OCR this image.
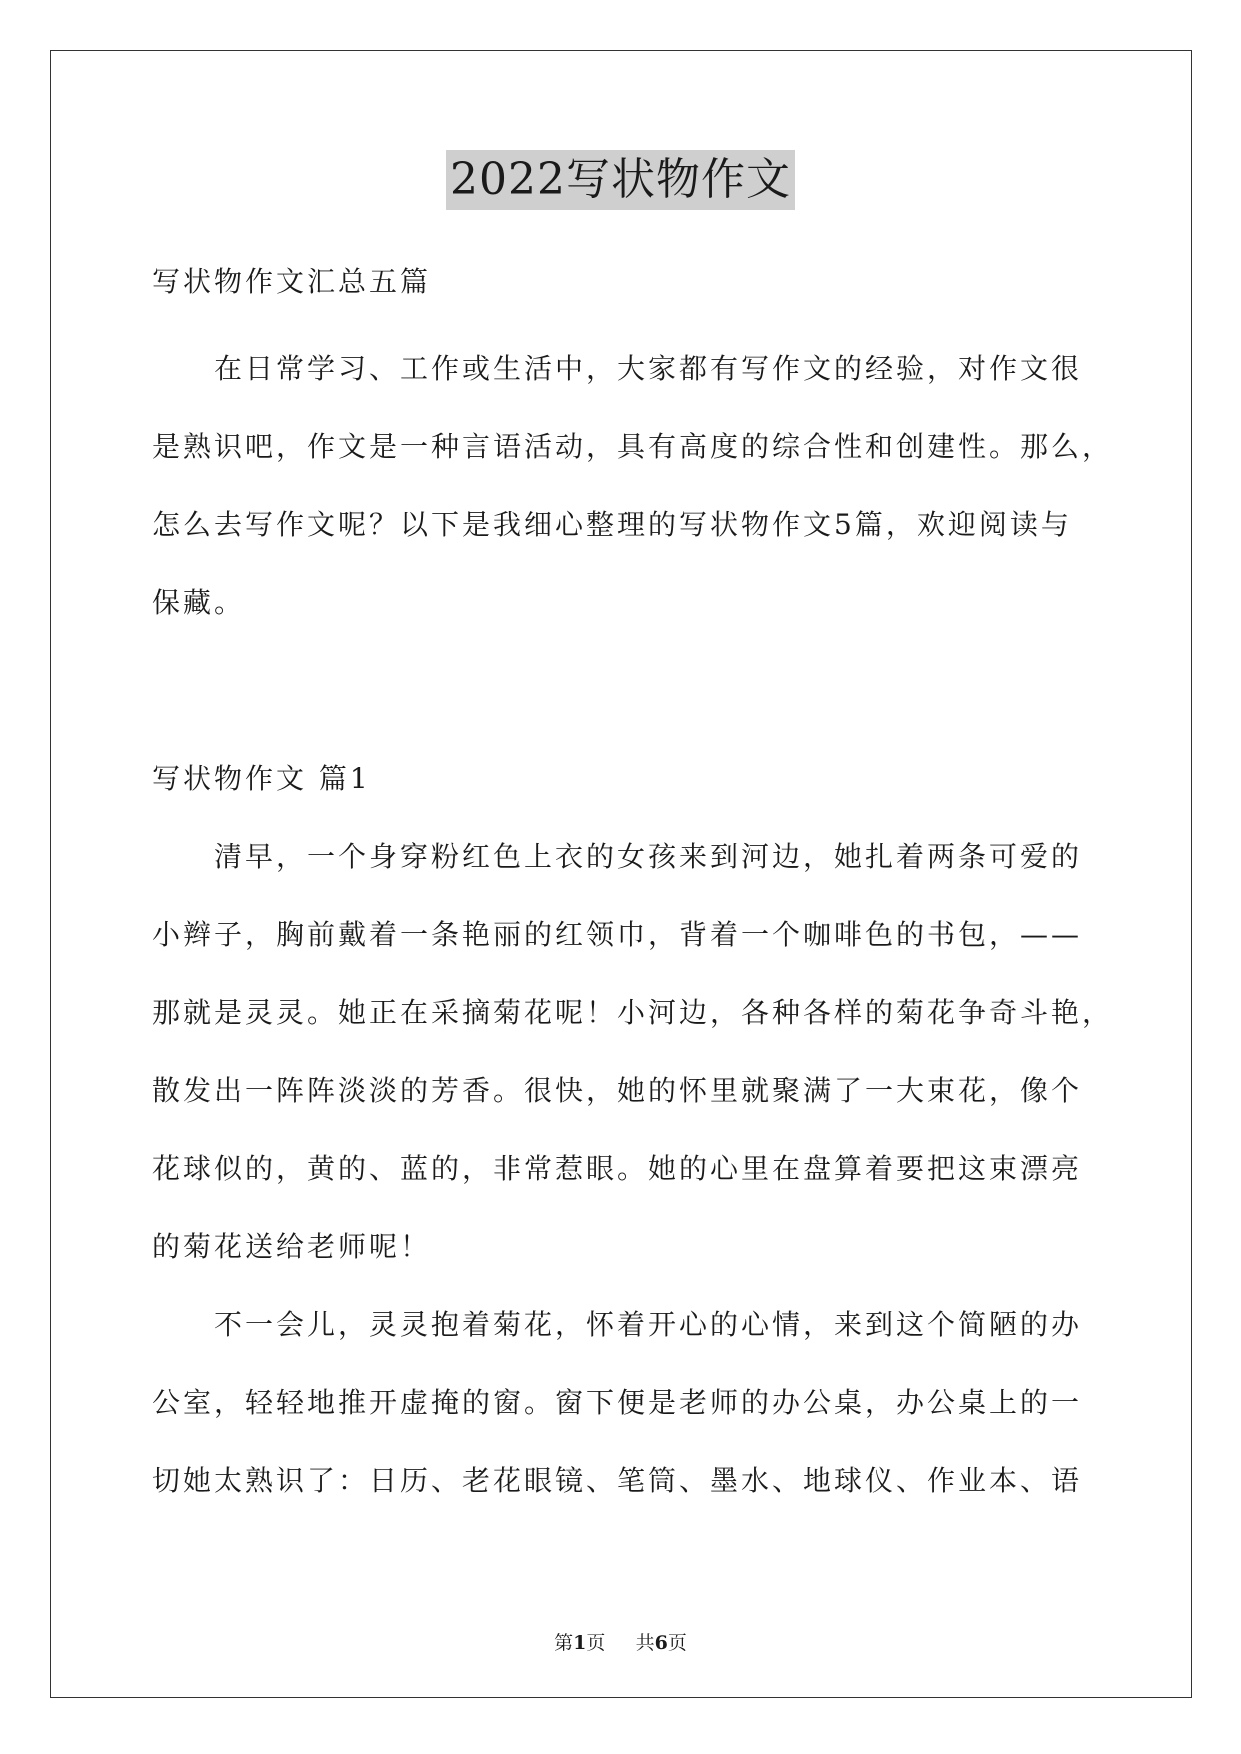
2022写状物作文
写状物作文汇总五篇
在日常学习、工作或生活中，大家都有写作文的经验，对作文很
是熟识吧，作文是一种言语活动，具有高度的综合性和创建性。那么，
怎么去写作文呢？以下是我细心整理的写状物作文5篇，欢迎阅读与
保藏。
写状物作文 篇1
清早，一个身穿粉红色上衣的女孩来到河边，她扎着两条可爱的
小辫子，胸前戴着一条艳丽的红领巾，背着一个咖啡色的书包，——
那就是灵灵。她正在采摘菊花呢！小河边，各种各样的菊花争奇斗艳，
散发出一阵阵淡淡的芳香。很快，她的怀里就聚满了一大束花，像个
花球似的，黄的、蓝的，非常惹眼。她的心里在盘算着要把这束漂亮
的菊花送给老师呢！
不一会儿，灵灵抱着菊花，怀着开心的心情，来到这个简陋的办
公室，轻轻地推开虚掩的窗。窗下便是老师的办公桌，办公桌上的一
切她太熟识了：日历、老花眼镜、笔筒、墨水、地球仪、作业本、语
第1页 共6页
